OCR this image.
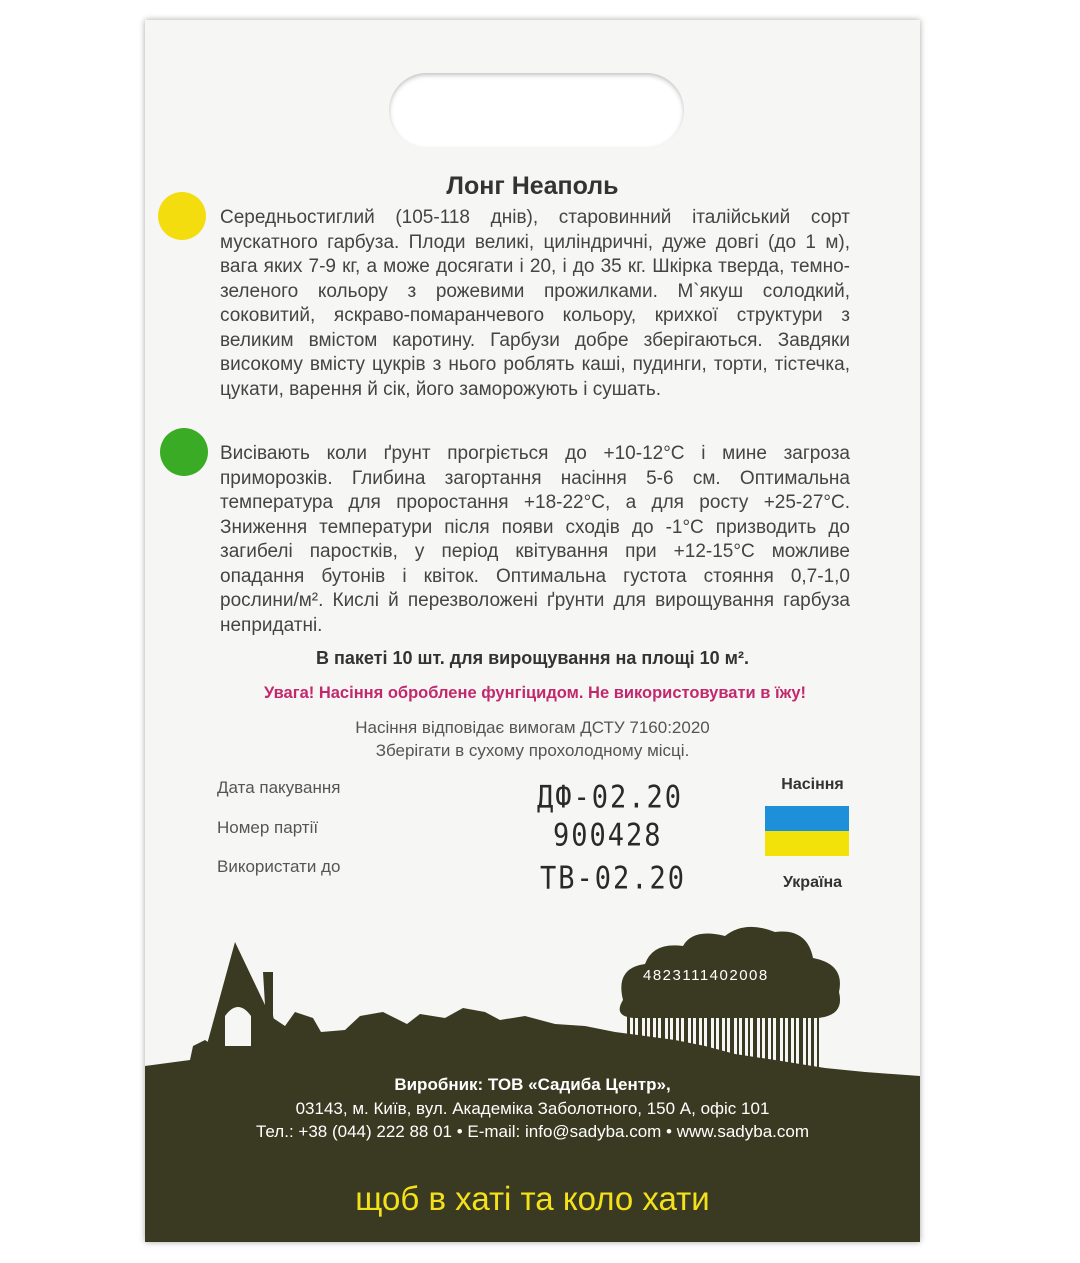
Лонг Неаполь

Середньостиглий (105-118 днів), старовинний італійський сорт мускатного гарбуза. Плоди великі, циліндричні, дуже довгі (до 1 м), вага яких 7-9 кг, а може досягати і 20, і до 35 кг. Шкірка тверда, темно-зеленого кольору з рожевими прожилками. М`якуш солодкий, соковитий, яскраво-помаранчевого кольору, крихкої структури з великим вмістом каротину. Гарбузи добре зберігаються. Завдяки високому вмісту цукрів з нього роблять каші, пудинги, торти, тістечка, цукати, варення й сік, його заморожують і сушать.

Висівають коли ґрунт прогріється до +10-12°С і мине загроза приморозків. Глибина загортання насіння 5-6 см. Оптимальна температура для проростання +18-22°С, а для росту +25-27°С. Зниження температури після появи сходів до -1°С призводить до загибелі паростків, у період квітування при +12-15°С можливе опадання бутонів і квіток. Оптимальна густота стояння 0,7-1,0 рослини/м². Кислі й перезволожені ґрунти для вирощування гарбуза непридатні.

В пакеті 10 шт. для вирощування на площі 10 м².
Увага! Насіння оброблене фунгіцидом. Не використовувати в їжу!
Насіння відповідає вимогам ДСТУ 7160:2020
Зберігати в сухому прохолодному місці.
Дата пакування
Номер партії
Використати до
ДФ-02.20
900428
ТВ-02.20
Насіння
Україна
4823111402008
Виробник: ТОВ «Садиба Центр»,
03143, м. Київ, вул. Академіка Заболотного, 150 А, офіс 101
Тел.: +38 (044) 222 88 01 • E-mail: info@sadyba.com • www.sadyba.com
щоб в хаті та коло хати
